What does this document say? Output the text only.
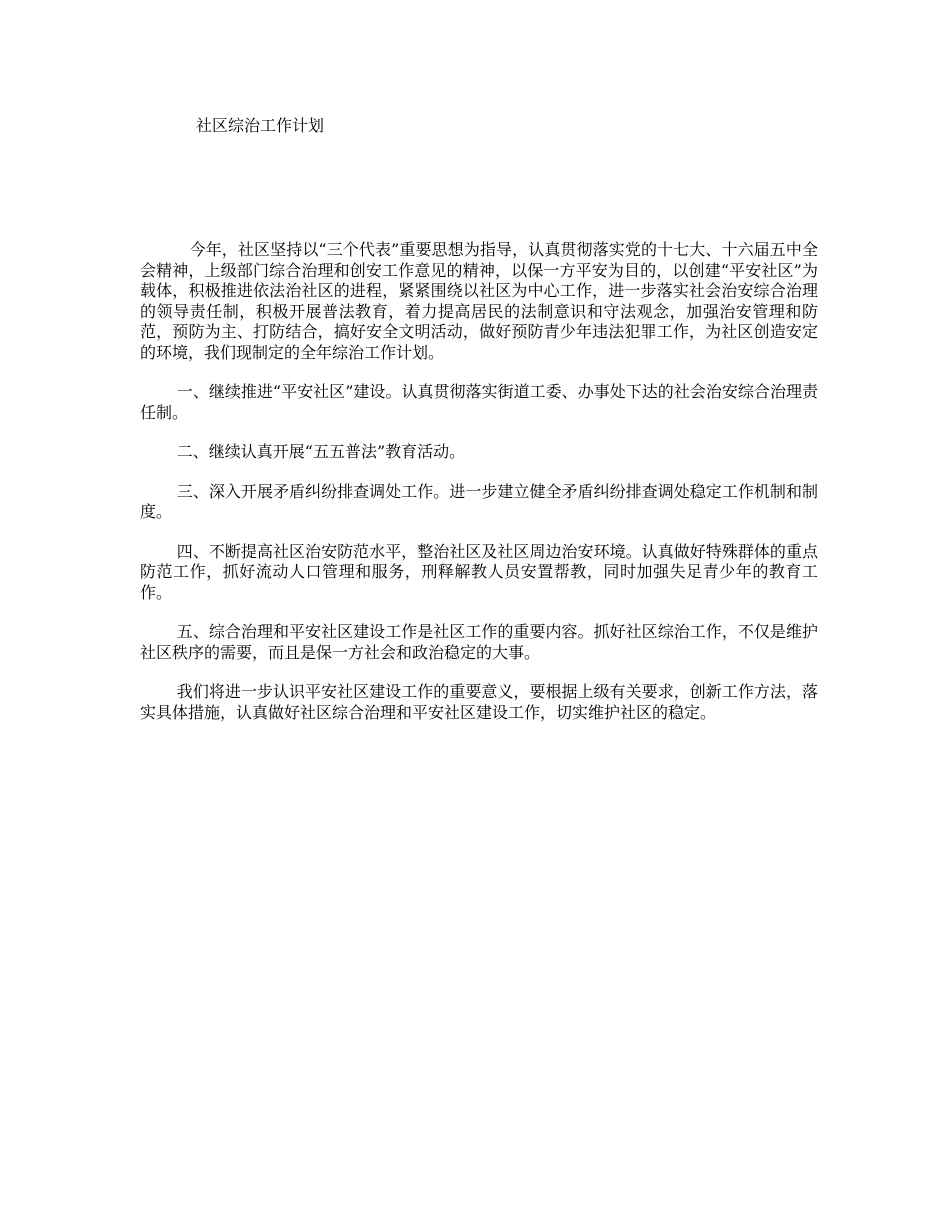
社区综治工作计划

今年，社区坚持以“三个代表”重要思想为指导，认真贯彻落实党的十七大、十六届五中全会精神，上级部门综合治理和创安工作意见的精神，以保一方平安为目的，以创建“平安社区”为载体，积极推进依法治社区的进程，紧紧围绕以社区为中心工作，进一步落实社会治安综合治理的领导责任制，积极开展普法教育，着力提高居民的法制意识和守法观念，加强治安管理和防范，预防为主、打防结合，搞好安全文明活动，做好预防青少年违法犯罪工作，为社区创造安定的环境，我们现制定的全年综治工作计划。

一、继续推进“平安社区”建设。认真贯彻落实街道工委、办事处下达的社会治安综合治理责任制。

二、继续认真开展“五五普法”教育活动。

三、深入开展矛盾纠纷排查调处工作。进一步建立健全矛盾纠纷排查调处稳定工作机制和制度。

四、不断提高社区治安防范水平，整治社区及社区周边治安环境。认真做好特殊群体的重点防范工作，抓好流动人口管理和服务，刑释解教人员安置帮教，同时加强失足青少年的教育工作。

五、综合治理和平安社区建设工作是社区工作的重要内容。抓好社区综治工作，不仅是维护社区秩序的需要，而且是保一方社会和政治稳定的大事。

我们将进一步认识平安社区建设工作的重要意义，要根据上级有关要求，创新工作方法，落实具体措施，认真做好社区综合治理和平安社区建设工作，切实维护社区的稳定。
